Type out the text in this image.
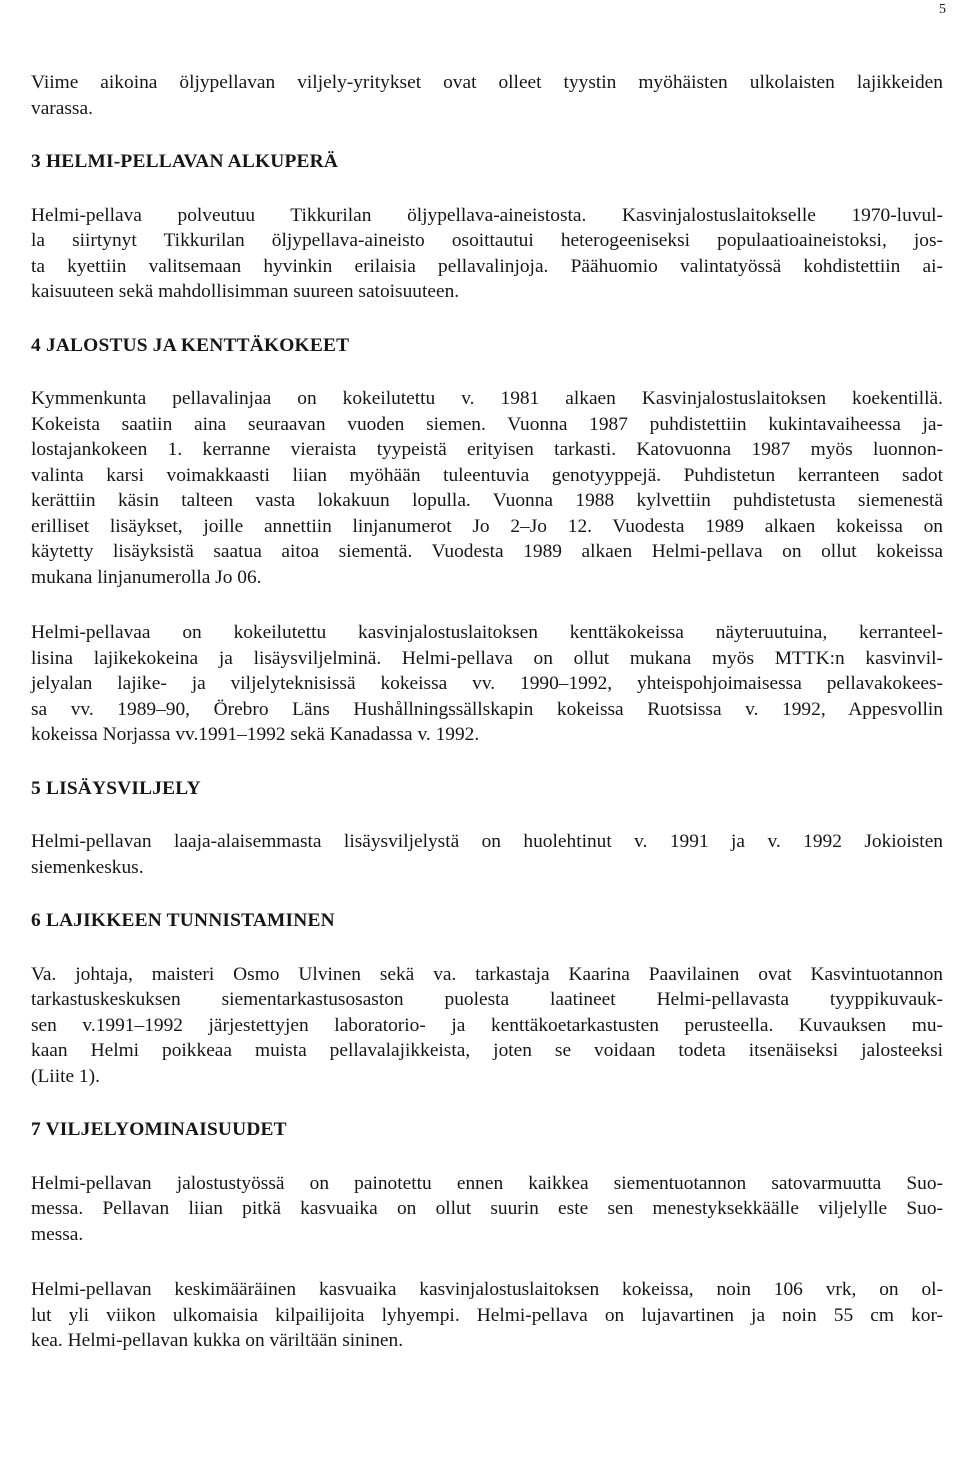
5

Viime aikoina öljypellavan viljely-yritykset ovat olleet tyystin myöhäisten ulkolaisten lajikkeiden
varassa.

3 HELMI-PELLAVAN ALKUPERÄ

Helmi-pellava polveutuu Tikkurilan öljypellava-aineistosta. Kasvinjalostuslaitokselle 1970-luvul-
la siirtynyt Tikkurilan öljypellava-aineisto osoittautui heterogeeniseksi populaatioaineistoksi, jos-
ta kyettiin valitsemaan hyvinkin erilaisia pellavalinjoja. Päähuomio valintatyössä kohdistettiin ai-
kaisuuteen sekä mahdollisimman suureen satoisuuteen.

4 JALOSTUS JA KENTTÄKOKEET

Kymmenkunta pellavalinjaa on kokeilutettu v. 1981 alkaen Kasvinjalostuslaitoksen koekentillä.
Kokeista saatiin aina seuraavan vuoden siemen. Vuonna 1987 puhdistettiin kukintavaiheessa ja-
lostajankokeen 1. kerranne vieraista tyypeistä erityisen tarkasti. Katovuonna 1987 myös luonnon-
valinta karsi voimakkaasti liian myöhään tuleentuvia genotyyppejä. Puhdistetun kerranteen sadot
kerättiin käsin talteen vasta lokakuun lopulla. Vuonna 1988 kylvettiin puhdistetusta siemenestä
erilliset lisäykset, joille annettiin linjanumerot Jo 2–Jo 12. Vuodesta 1989 alkaen kokeissa on
käytetty lisäyksistä saatua aitoa siementä. Vuodesta 1989 alkaen Helmi-pellava on ollut kokeissa
mukana linjanumerolla Jo 06.

Helmi-pellavaa on kokeilutettu kasvinjalostuslaitoksen kenttäkokeissa näyteruutuina, kerranteel-
lisina lajikekokeina ja lisäysviljelminä. Helmi-pellava on ollut mukana myös MTTK:n kasvinvil-
jelyalan lajike- ja viljelyteknisissä kokeissa vv. 1990–1992, yhteispohjoimaisessa pellavakokees-
sa vv. 1989–90, Örebro Läns Hushållningssällskapin kokeissa Ruotsissa v. 1992, Appesvollin
kokeissa Norjassa vv.1991–1992 sekä Kanadassa v. 1992.

5 LISÄYSVILJELY

Helmi-pellavan laaja-alaisemmasta lisäysviljelystä on huolehtinut v. 1991 ja v. 1992 Jokioisten
siemenkeskus.

6 LAJIKKEEN TUNNISTAMINEN

Va. johtaja, maisteri Osmo Ulvinen sekä va. tarkastaja Kaarina Paavilainen ovat Kasvintuotannon
tarkastuskeskuksen siementarkastusosaston puolesta laatineet Helmi-pellavasta tyyppikuvauk-
sen v.1991–1992 järjestettyjen laboratorio- ja kenttäkoetarkastusten perusteella. Kuvauksen mu-
kaan Helmi poikkeaa muista pellavalajikkeista, joten se voidaan todeta itsenäiseksi jalosteeksi
(Liite 1).

7 VILJELYOMINAISUUDET

Helmi-pellavan jalostustyössä on painotettu ennen kaikkea siementuotannon satovarmuutta Suo-
messa. Pellavan liian pitkä kasvuaika on ollut suurin este sen menestyksekkäälle viljelylle Suo-
messa.

Helmi-pellavan keskimääräinen kasvuaika kasvinjalostuslaitoksen kokeissa, noin 106 vrk, on ol-
lut yli viikon ulkomaisia kilpailijoita lyhyempi. Helmi-pellava on lujavartinen ja noin 55 cm kor-
kea. Helmi-pellavan kukka on väriltään sininen.
